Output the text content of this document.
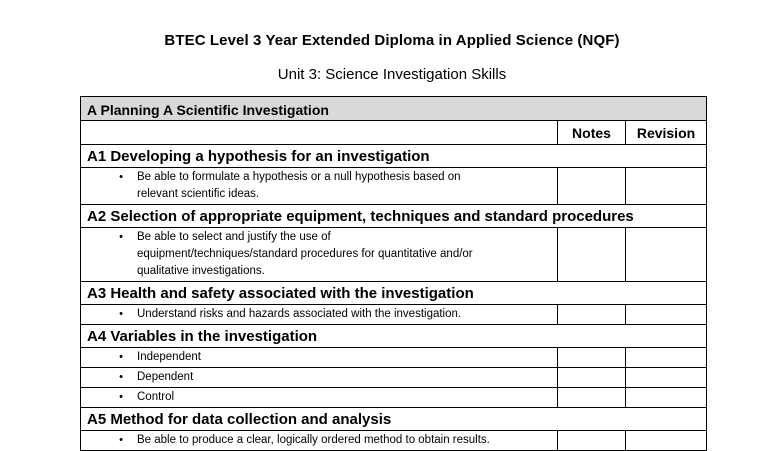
BTEC Level 3 Year Extended Diploma in Applied Science (NQF)
Unit 3: Science Investigation Skills
A Planning A Scientific Investigation		
	Notes	Revision
A1 Developing a hypothesis for an investigation		

• Be able to formulate a hypothesis or a null hypothesis based on
relevant scientific ideas.		

A2 Selection of appropriate equipment, techniques and standard procedures		

• Be able to select and justify the use of
equipment/techniques/standard procedures for quantitative and/or
qualitative investigations.		

A3 Health and safety associated with the investigation		

• Understand risks and hazards associated with the investigation.		

A4 Variables in the investigation		

• Independent		

• Dependent		

• Control		

A5 Method for data collection and analysis		

• Be able to produce a clear, logically ordered method to obtain results.		
